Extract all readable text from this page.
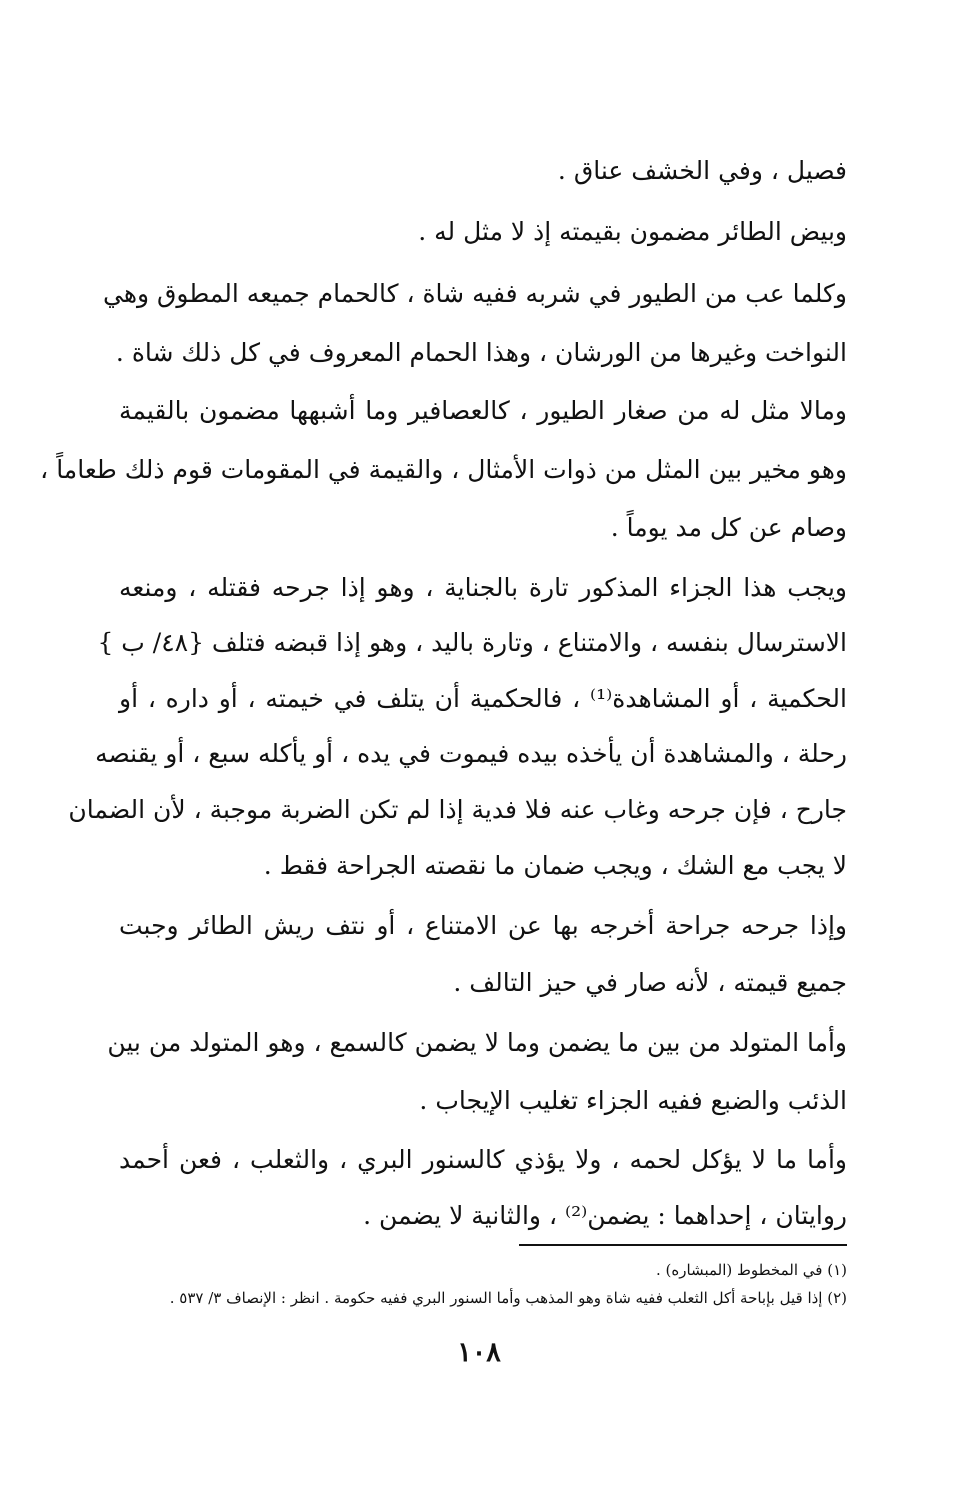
فصيل ، وفي الخشف عناق .
وبيض الطائر مضمون بقيمته إذ لا مثل له .
وكلما عب من الطيور في شربه ففيه شاة ، كالحمام جميعه المطوق وهي
النواخت وغيرها من الورشان ، وهذا الحمام المعروف في كل ذلك شاة .
ومالا مثل له من صغار الطيور ، كالعصافير وما أشبهها مضمون بالقيمة
وهو مخير بين المثل من ذوات الأمثال ، والقيمة في المقومات قوم ذلك طعاماً ،
وصام عن كل مد يوماً .
ويجب هذا الجزاء المذكور تارة بالجناية ، وهو إذا جرحه فقتله ، ومنعه
الاسترسال بنفسه ، والامتناع ، وتارة باليد ، وهو إذا قبضه فتلف {٤٨/ ب }
الحكمية ، أو المشاهدة⁽¹⁾ ، فالحكمية أن يتلف في خيمته ، أو داره ، أو
رحلة ، والمشاهدة أن يأخذه بيده فيموت في يده ، أو يأكله سبع ، أو يقنصه
جارح ، فإن جرحه وغاب عنه فلا فدية إذا لم تكن الضربة موجبة ، لأن الضمان
لا يجب مع الشك ، ويجب ضمان ما نقصته الجراحة فقط .
وإذا جرحه جراحة أخرجه بها عن الامتناع ، أو نتف ريش الطائر وجبت
جميع قيمته ، لأنه صار في حيز التالف .
وأما المتولد من بين ما يضمن وما لا يضمن كالسمع ، وهو المتولد من بين
الذئب والضبع ففيه الجزاء تغليب الإيجاب .
وأما ما لا يؤكل لحمه ، ولا يؤذي كالسنور البري ، والثعلب ، فعن أحمد
روايتان ، إحداهما : يضمن⁽²⁾ ، والثانية لا يضمن .
(١) في المخطوط (المبشاره) .
(٢) إذا قيل بإباحة أكل الثعلب ففيه شاة وهو المذهب وأما السنور البري ففيه حكومة . انظر : الإنصاف ٣/ ٥٣٧ .
١٠٨
